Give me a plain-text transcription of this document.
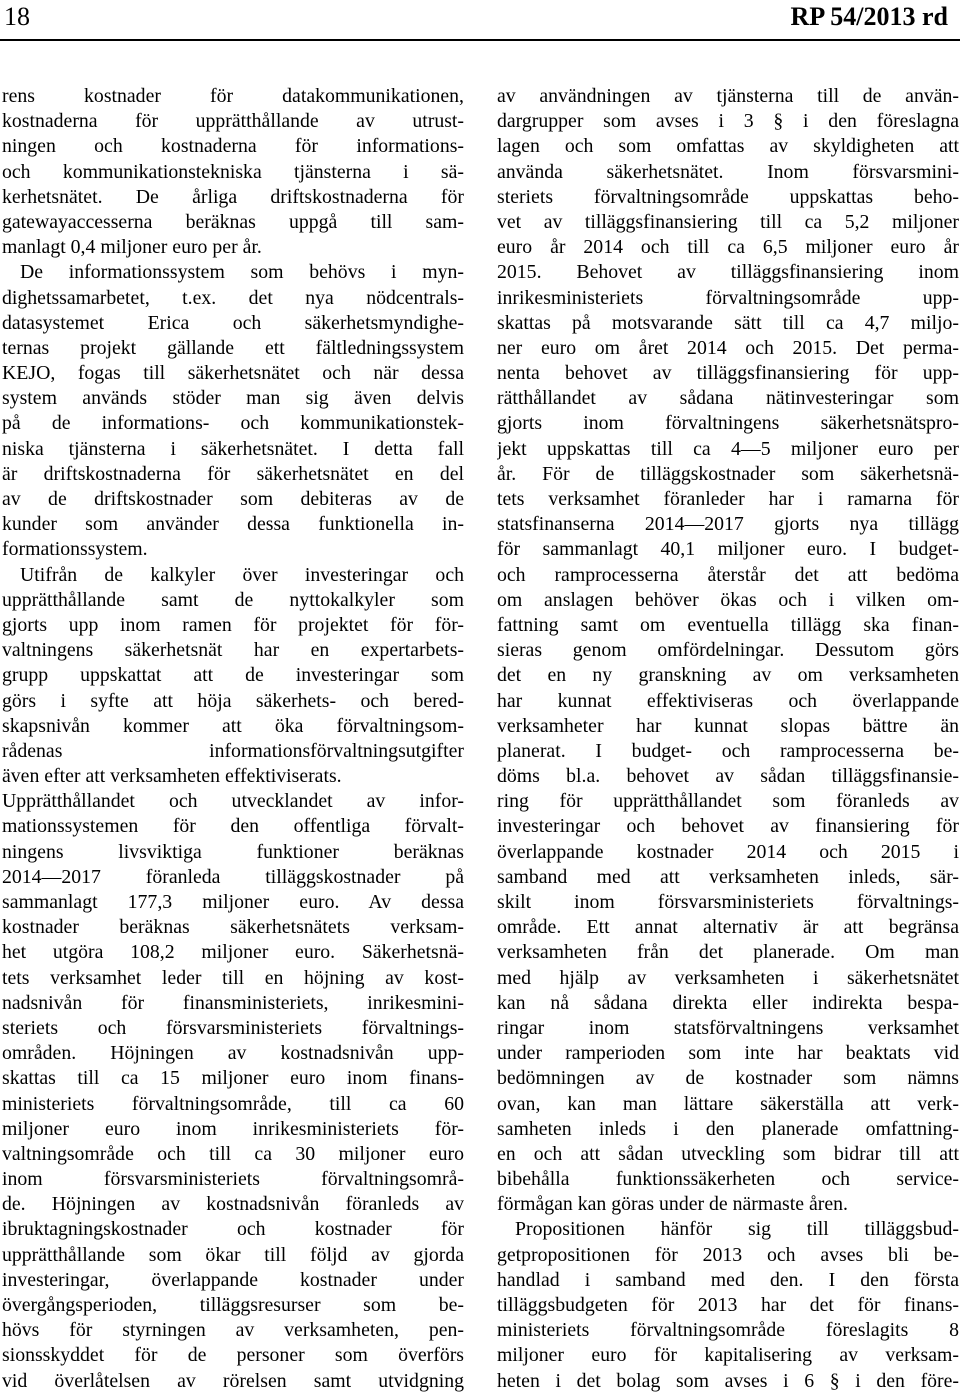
18	RP 54/2013 rd
rens kostnader för datakommunikationen,
kostnaderna för upprätthållande av utrust-
ningen och kostnaderna för informations-
och kommunikationstekniska tjänsterna i sä-
kerhetsnätet. De årliga driftskostnaderna för
gatewayaccesserna beräknas uppgå till sam-
manlagt 0,4 miljoner euro per år.
De informationssystem som behövs i myn-
dighetssamarbetet, t.ex. det nya nödcentrals-
datasystemet Erica och säkerhetsmyndighe-
ternas projekt gällande ett fältledningssystem
KEJO, fogas till säkerhetsnätet och när dessa
system används stöder man sig även delvis
på de informations- och kommunikationstek-
niska tjänsterna i säkerhetsnätet. I detta fall
är driftskostnaderna för säkerhetsnätet en del
av de driftskostnader som debiteras av de
kunder som använder dessa funktionella in-
formationssystem.
Utifrån de kalkyler över investeringar och
upprätthållande samt de nyttokalkyler som
gjorts upp inom ramen för projektet för för-
valtningens säkerhetsnät har en expertarbets-
grupp uppskattat att de investeringar som
görs i syfte att höja säkerhets- och bered-
skapsnivån kommer att öka förvaltningsom-
rådenas informationsförvaltningsutgifter
även efter att verksamheten effektiviserats.
Upprätthållandet och utvecklandet av infor-
mationssystemen för den offentliga förvalt-
ningens livsviktiga funktioner beräknas
2014—2017 föranleda tilläggskostnader på
sammanlagt 177,3 miljoner euro. Av dessa
kostnader beräknas säkerhetsnätets verksam-
het utgöra 108,2 miljoner euro. Säkerhetsnä-
tets verksamhet leder till en höjning av kost-
nadsnivån för finansministeriets, inrikesmini-
steriets och försvarsministeriets förvaltnings-
områden. Höjningen av kostnadsnivån upp-
skattas till ca 15 miljoner euro inom finans-
ministeriets förvaltningsområde, till ca 60
miljoner euro inom inrikesministeriets för-
valtningsområde och till ca 30 miljoner euro
inom försvarsministeriets förvaltningsområ-
de. Höjningen av kostnadsnivån föranleds av
ibruktagningskostnader och kostnader för
upprätthållande som ökar till följd av gjorda
investeringar, överlappande kostnader under
övergångsperioden, tilläggsresurser som be-
hövs för styrningen av verksamheten, pen-
sionsskyddet för de personer som överförs
vid överlåtelsen av rörelsen samt utvidgning
av användningen av tjänsterna till de använ-
dargrupper som avses i 3 § i den föreslagna
lagen och som omfattas av skyldigheten att
använda säkerhetsnätet. Inom försvarsmini-
steriets förvaltningsområde uppskattas beho-
vet av tilläggsfinansiering till ca 5,2 miljoner
euro år 2014 och till ca 6,5 miljoner euro år
2015. Behovet av tilläggsfinansiering inom
inrikesministeriets förvaltningsområde upp-
skattas på motsvarande sätt till ca 4,7 miljo-
ner euro om året 2014 och 2015. Det perma-
nenta behovet av tilläggsfinansiering för upp-
rätthållandet av sådana nätinvesteringar som
gjorts inom förvaltningens säkerhetsnätspro-
jekt uppskattas till ca 4—5 miljoner euro per
år. För de tilläggskostnader som säkerhetsnä-
tets verksamhet föranleder har i ramarna för
statsfinanserna 2014—2017 gjorts nya tillägg
för sammanlagt 40,1 miljoner euro. I budget-
och ramprocesserna återstår det att bedöma
om anslagen behöver ökas och i vilken om-
fattning samt om eventuella tillägg ska finan-
sieras genom omfördelningar. Dessutom görs
det en ny granskning av om verksamheten
har kunnat effektiviseras och överlappande
verksamheter har kunnat slopas bättre än
planerat. I budget- och ramprocesserna be-
döms bl.a. behovet av sådan tilläggsfinansie-
ring för upprätthållandet som föranleds av
investeringar och behovet av finansiering för
överlappande kostnader 2014 och 2015 i
samband med att verksamheten inleds, sär-
skilt inom försvarsministeriets förvaltnings-
område. Ett annat alternativ är att begränsa
verksamheten från det planerade. Om man
med hjälp av verksamheten i säkerhetsnätet
kan nå sådana direkta eller indirekta bespa-
ringar inom statsförvaltningens verksamhet
under ramperioden som inte har beaktats vid
bedömningen av de kostnader som nämns
ovan, kan man lättare säkerställa att verk-
samheten inleds i den planerade omfattning-
en och att sådan utveckling som bidrar till att
bibehålla funktionssäkerheten och service-
förmågan kan göras under de närmaste åren.
Propositionen hänför sig till tilläggsbud-
getpropositionen för 2013 och avses bli be-
handlad i samband med den. I den första
tilläggsbudgeten för 2013 har det för finans-
ministeriets förvaltningsområde föreslagits 8
miljoner euro för kapitalisering av verksam-
heten i det bolag som avses i 6 § i den före-
